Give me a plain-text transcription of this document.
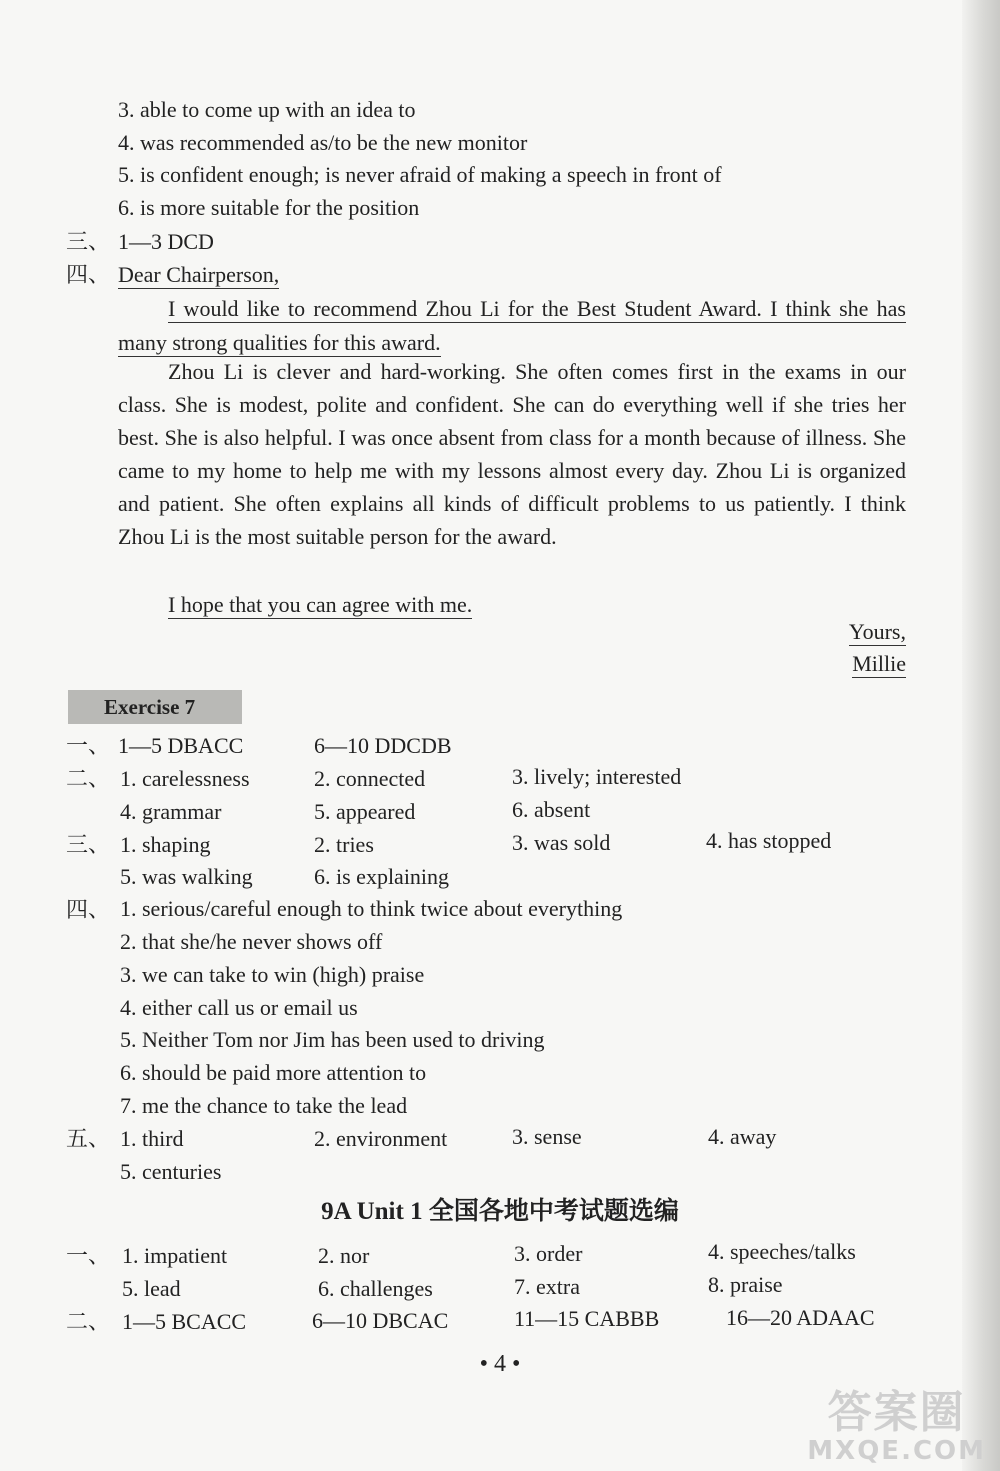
3. able to come up with an idea to
4. was recommended as/to be the new monitor
5. is confident enough; is never afraid of making a speech in front of
6. is more suitable for the position
三、 1—3 DCD
四、 Dear Chairperson,

I would like to recommend Zhou Li for the Best Student Award. I think she has many strong qualities for this award.

Zhou Li is clever and hard-working. She often comes first in the exams in our class. She is modest, polite and confident. She can do everything well if she tries her best. She is also helpful. I was once absent from class for a month because of illness. She came to my home to help me with my lessons almost every day. Zhou Li is organized and patient. She often explains all kinds of difficult problems to us patiently. I think Zhou Li is the most suitable person for the award.

I hope that you can agree with me.

Yours,
Millie
Exercise 7
一、 1—5 DBACC	6—10 DDCDB
二、 1. carelessness	2. connected	3. lively; interested
4. grammar	5. appeared	6. absent
三、 1. shaping	2. tries	3. was sold	4. has stopped
5. was walking	6. is explaining
四、 1. serious/careful enough to think twice about everything
2. that she/he never shows off
3. we can take to win (high) praise
4. either call us or email us
5. Neither Tom nor Jim has been used to driving
6. should be paid more attention to
7. me the chance to take the lead
五、 1. third	2. environment	3. sense	4. away
5. centuries
9A Unit 1 全国各地中考试题选编
一、 1. impatient	2. nor	3. order	4. speeches/talks
5. lead	6. challenges	7. extra	8. praise
二、 1—5 BCACC	6—10 DBCAC	11—15 CABBB	16—20 ADAAC
• 4 •
答案圈
MXQE.COM
